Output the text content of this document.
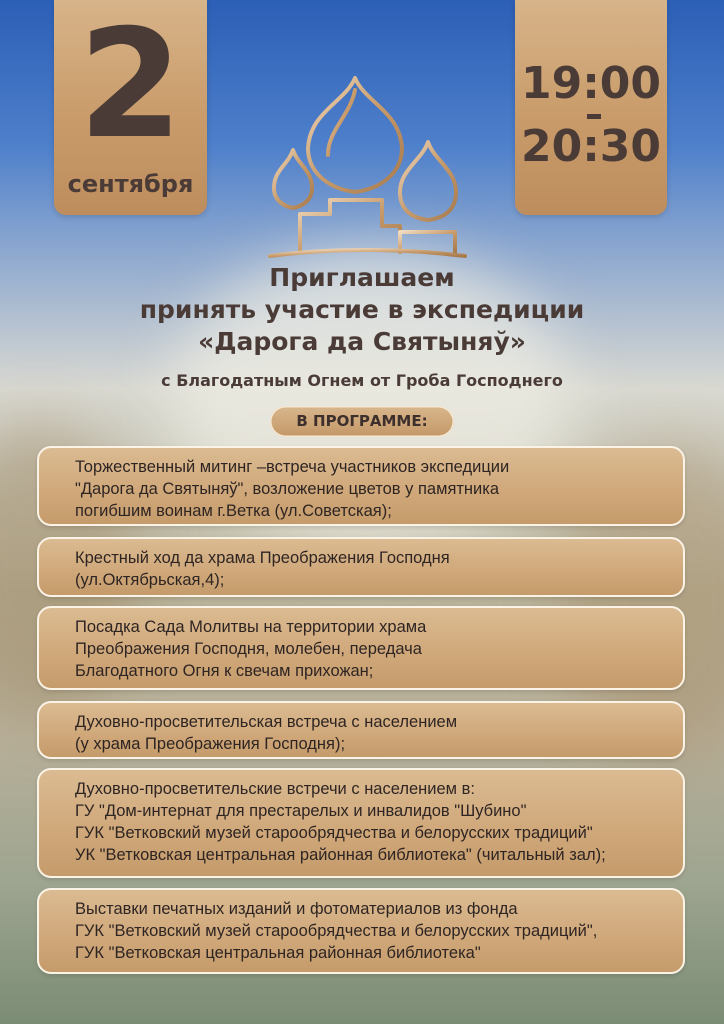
2
сентября
19:00
20:30
Приглашаем
принять участие в экспедиции
«Дарога да Святыняў»
с Благодатным Огнем от Гроба Господнего
В ПРОГРАММЕ:
Торжественный митинг –встреча участников экспедиции
"Дарога да Святыняў", возложение цветов у памятника
погибшим воинам г.Ветка (ул.Советская);
Крестный ход да храма Преображения Господня
(ул.Октябрьская,4);
Посадка Сада Молитвы на территории храма
Преображения Господня, молебен, передача
Благодатного Огня к свечам прихожан;
Духовно-просветительская встреча с населением
(у храма Преображения Господня);
Духовно-просветительские встречи с населением в:
ГУ "Дом-интернат для престарелых и инвалидов "Шубино"
ГУК "Ветковский музей старообрядчества и белорусских традиций"
УК "Ветковская центральная районная библиотека" (читальный зал);
Выставки печатных изданий и фотоматериалов из фонда
ГУК "Ветковский музей старообрядчества и белорусских традиций",
ГУК "Ветковская центральная районная библиотека"
